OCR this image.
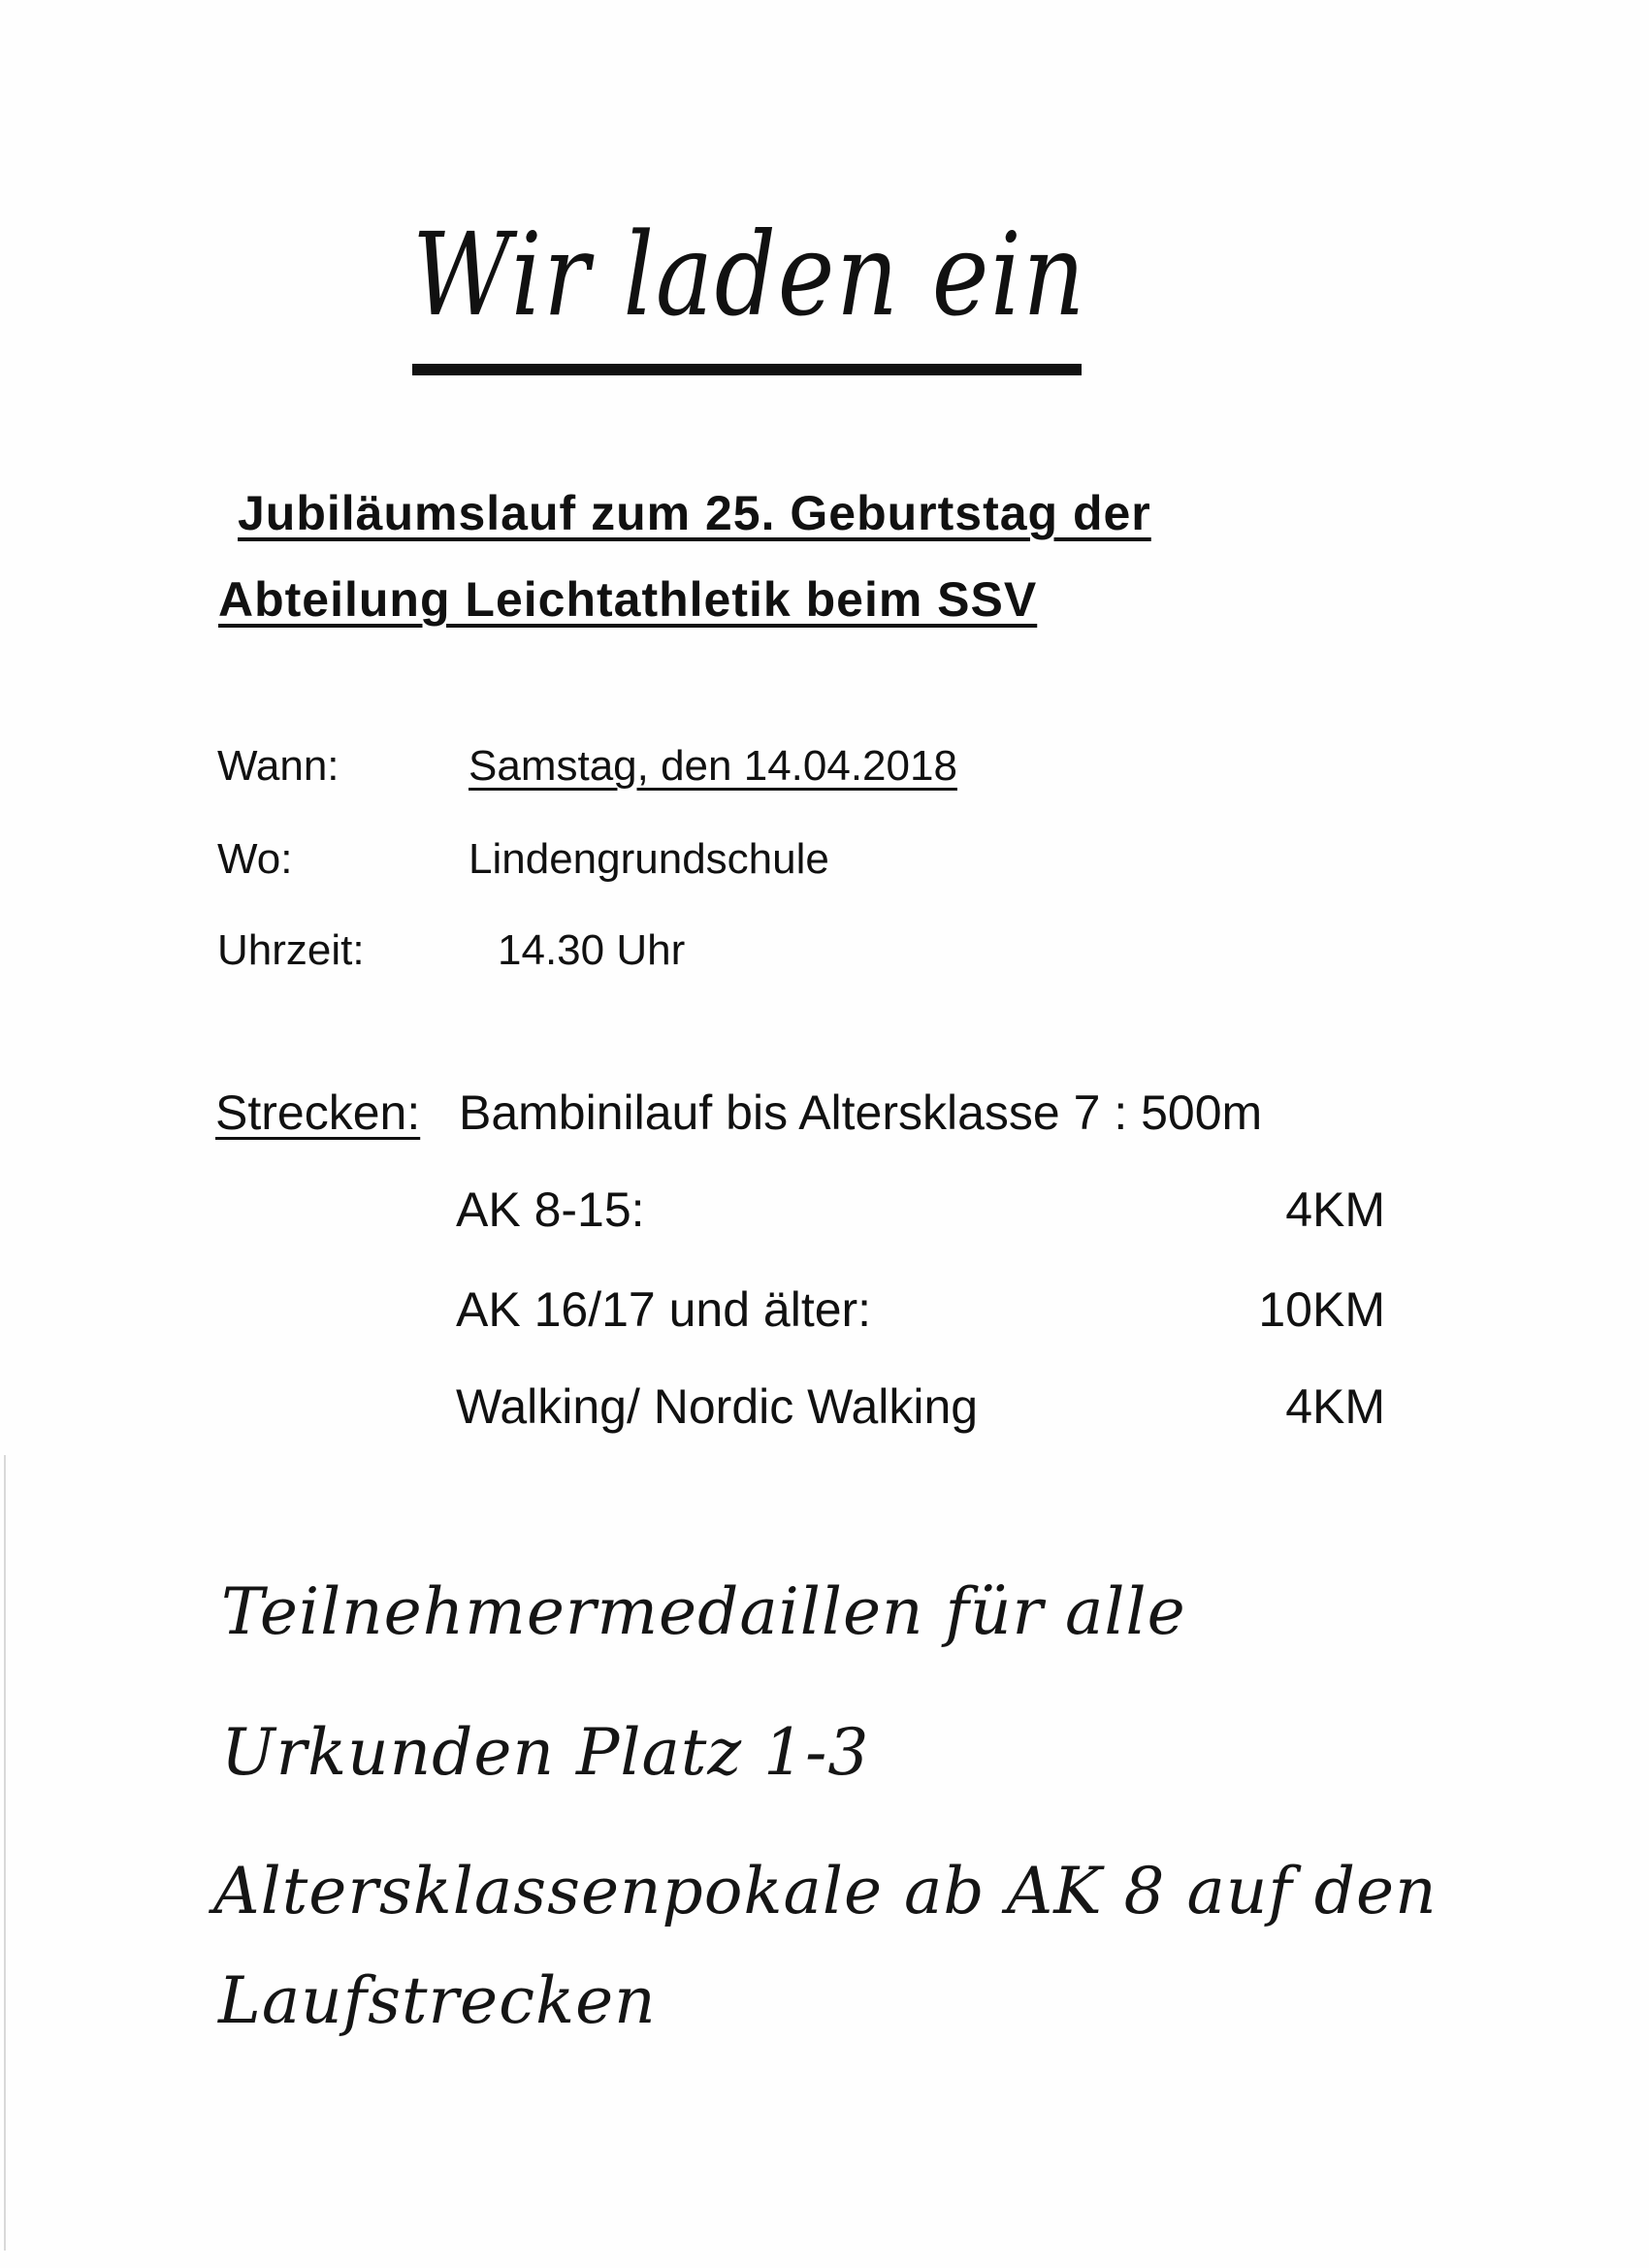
Wir laden ein
Jubiläumslauf zum 25. Geburtstag der
Abteilung Leichtathletik beim SSV
Wann:	Samstag, den 14.04.2018
Wo:	Lindengrundschule
Uhrzeit:	14.30 Uhr
Strecken: Bambinilauf bis Altersklasse 7 : 500m
AK 8-15:	4KM
AK 16/17 und älter:	10KM
Walking/ Nordic Walking	4KM
Teilnehmermedaillen für alle
Urkunden Platz 1-3
Altersklassenpokale ab AK 8 auf den
Laufstrecken
